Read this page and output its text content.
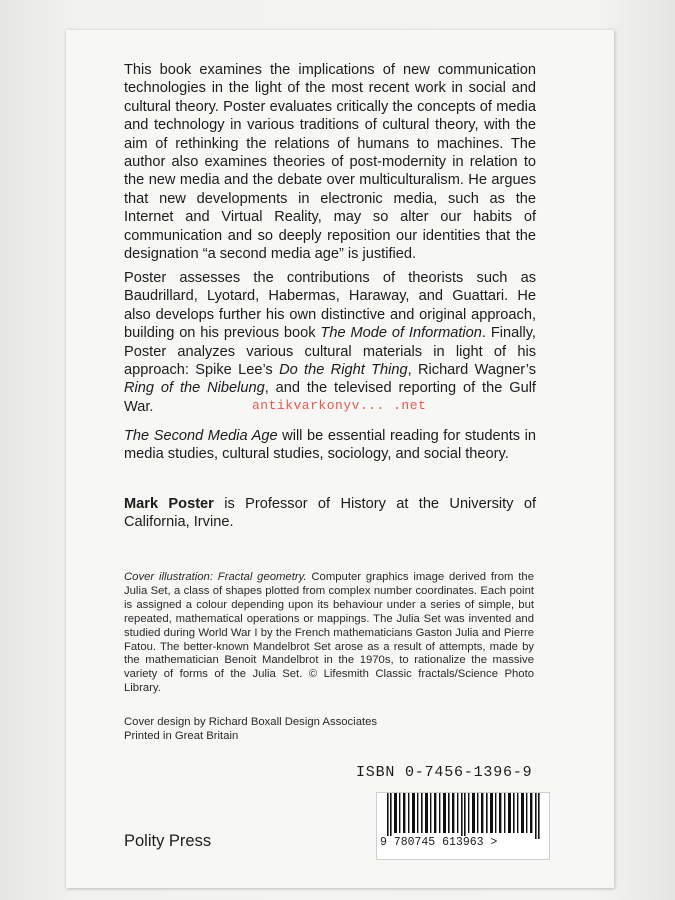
This book examines the implications of new communication technologies in the light of the most recent work in social and cultural theory. Poster evaluates critically the concepts of media and technology in various traditions of cultural theory, with the aim of rethinking the relations of humans to machines. The author also examines theories of post-modernity in relation to the new media and the debate over multiculturalism. He argues that new developments in electronic media, such as the Internet and Virtual Reality, may so alter our habits of communication and so deeply reposition our identities that the designation “a second media age” is justified.

Poster assesses the contributions of theorists such as Baudrillard, Lyotard, Habermas, Haraway, and Guattari. He also develops further his own distinctive and original approach, building on his previous book The Mode of Information. Finally, Poster analyzes various cultural materials in light of his approach: Spike Lee’s Do the Right Thing, Richard Wagner’s Ring of the Nibelung, and the televised reporting of the Gulf War.

The Second Media Age will be essential reading for students in media studies, cultural studies, sociology, and social theory.

Mark Poster is Professor of History at the University of California, Irvine.

Cover illustration: Fractal geometry. Computer graphics image derived from the Julia Set, a class of shapes plotted from complex number coordinates. Each point is assigned a colour depending upon its behaviour under a series of simple, but repeated, mathematical operations or mappings. The Julia Set was invented and studied during World War I by the French mathematicians Gaston Julia and Pierre Fatou. The better-known Mandelbrot Set arose as a result of attempts, made by the mathematician Benoit Mandelbrot in the 1970s, to rationalize the massive variety of forms of the Julia Set. © Lifesmith Classic fractals/Science Photo Library.

Cover design by Richard Boxall Design Associates
Printed in Great Britain

ISBN 0-7456-1396-9
9 780745 613963 >
Polity Press
antikvarkonyv... .net
